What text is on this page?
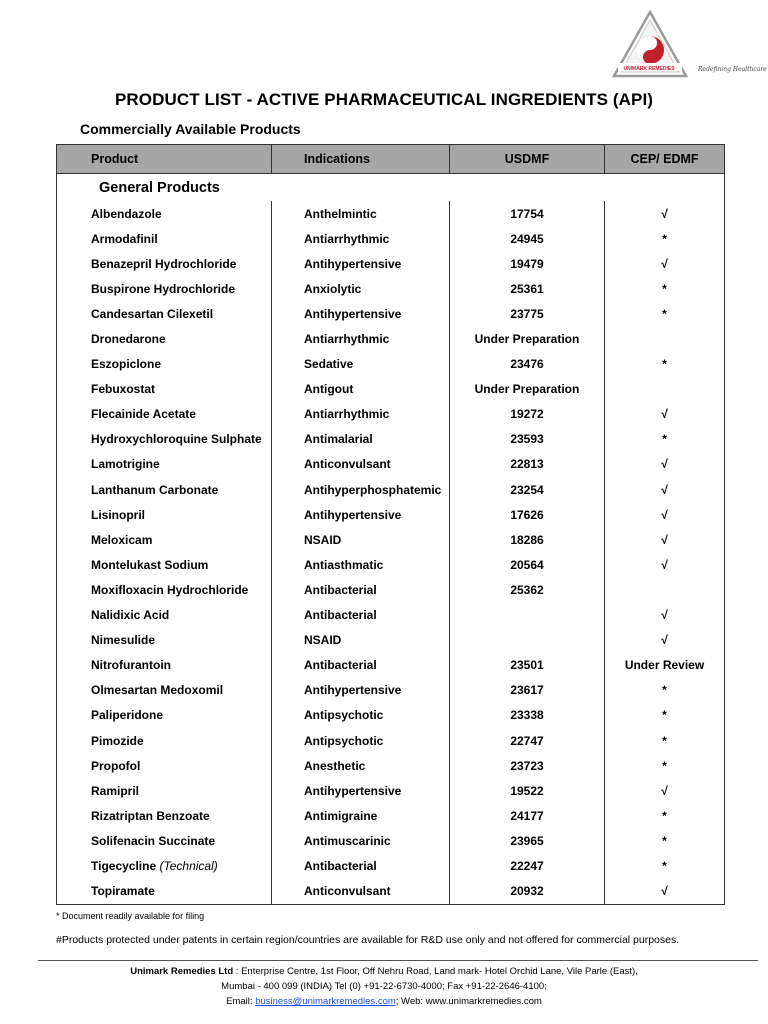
UNIMARK REMEDIES	Redefining Healthcare
PRODUCT LIST - ACTIVE PHARMACEUTICAL INGREDIENTS (API)
Commercially Available Products
Product	Indications	USDMF	CEP/ EDMF
General Products			
Albendazole	Anthelmintic	17754	√
Armodafinil	Antiarrhythmic	24945	*
Benazepril Hydrochloride	Antihypertensive	19479	√
Buspirone Hydrochloride	Anxiolytic	25361	*
Candesartan Cilexetil	Antihypertensive	23775	*
Dronedarone	Antiarrhythmic	Under Preparation	
Eszopiclone	Sedative	23476	*
Febuxostat	Antigout	Under Preparation	
Flecainide Acetate	Antiarrhythmic	19272	√
Hydroxychloroquine Sulphate	Antimalarial	23593	*
Lamotrigine	Anticonvulsant	22813	√
Lanthanum Carbonate	Antihyperphosphatemic	23254	√
Lisinopril	Antihypertensive	17626	√
Meloxicam	NSAID	18286	√
Montelukast Sodium	Antiasthmatic	20564	√
Moxifloxacin Hydrochloride	Antibacterial	25362	
Nalidixic Acid	Antibacterial		√
Nimesulide	NSAID		√
Nitrofurantoin	Antibacterial	23501	Under Review
Olmesartan Medoxomil	Antihypertensive	23617	*
Paliperidone	Antipsychotic	23338	*
Pimozide	Antipsychotic	22747	*
Propofol	Anesthetic	23723	*
Ramipril	Antihypertensive	19522	√
Rizatriptan Benzoate	Antimigraine	24177	*
Solifenacin Succinate	Antimuscarinic	23965	*
Tigecycline (Technical)	Antibacterial	22247	*
Topiramate	Anticonvulsant	20932	√
* Document readily available for filing
#Products protected under patents in certain region/countries are available for R&D use only and not offered for commercial purposes.
Unimark Remedies Ltd : Enterprise Centre, 1st Floor, Off Nehru Road, Land mark- Hotel Orchid Lane, Vile Parle (East),
Mumbai - 400 099 (INDIA) Tel (0) +91-22-6730-4000; Fax +91-22-2646-4100;
Email: business@unimarkremedies.com; Web: www.unimarkremedies.com
